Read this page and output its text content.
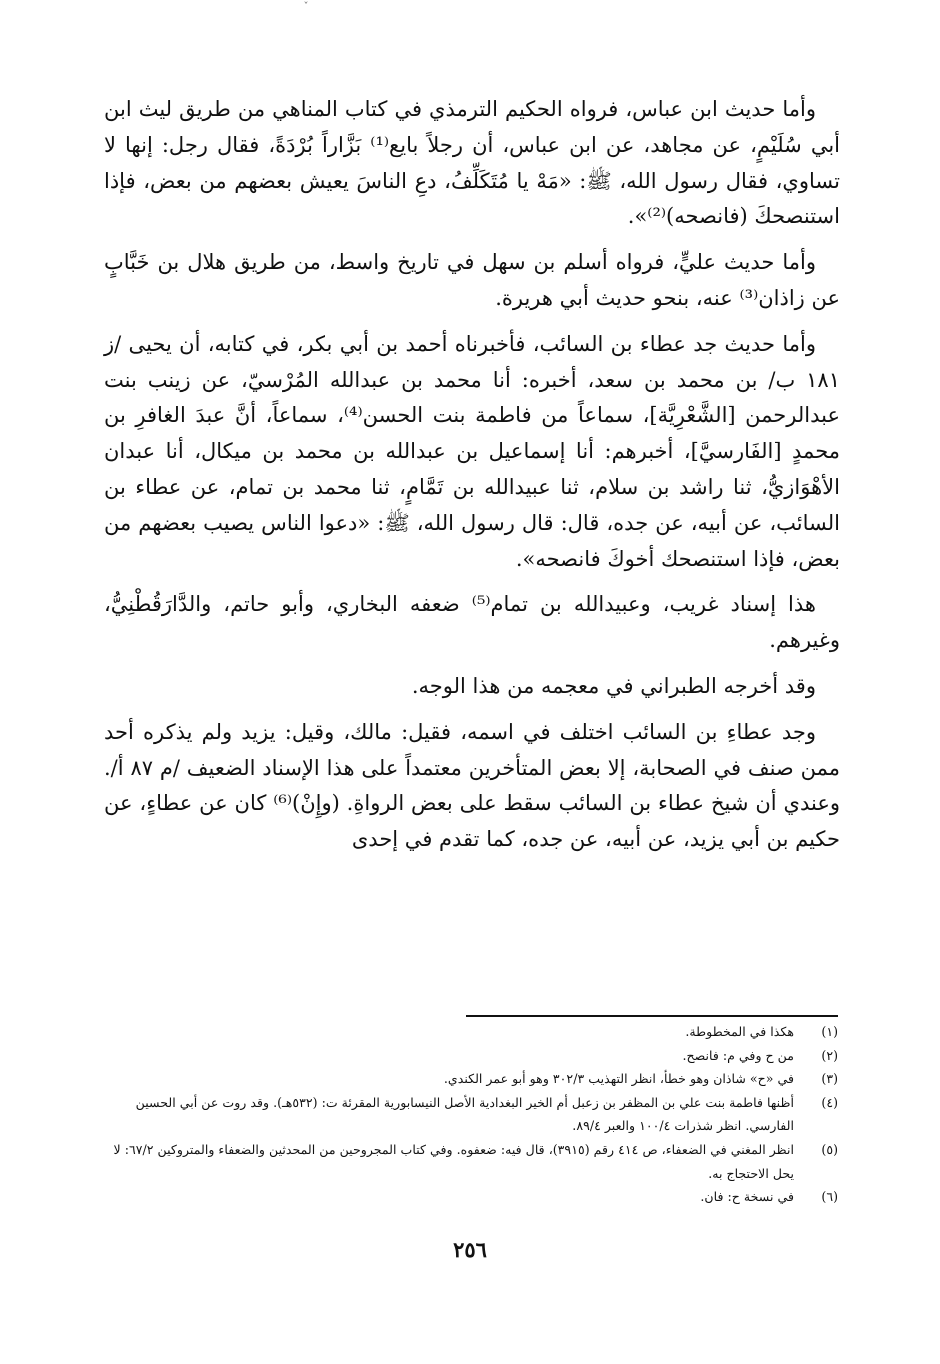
ˇ

وأما حديث ابن عباس، فرواه الحكيم الترمذي في كتاب المناهي من طريق ليث ابن أبي سُلَيْمٍ، عن مجاهد، عن ابن عباس، أن رجلاً بايع⁽¹⁾ بَزَّاراً بُرْدَةً، فقال رجل: إنها لا تساوي، فقال رسول الله، ﷺ: «مَهْ يا مُتَكَلِّفُ، دعِ الناسَ يعيش بعضهم من بعض، فإذا استنصحكَ (فانصحه)⁽²⁾».

وأما حديث عليٍّ، فرواه أسلم بن سهل في تاريخ واسط، من طريق هلال بن خَبَّابٍ عن زاذان⁽³⁾ عنه، بنحو حديث أبي هريرة.

وأما حديث جد عطاء بن السائب، فأخبرناه أحمد بن أبي بكر، في كتابه، أن يحيى /ز ١٨١ ب/ بن محمد بن سعد، أخبره: أنا محمد بن عبدالله المُرْسيّ، عن زينب بنت عبدالرحمن [الشَّعْرِيَّة]، سماعاً من فاطمة بنت الحسن⁽⁴⁾، سماعاً، أنَّ عبدَ الغافرِ بن محمدٍ [الفَارسيَّ]، أخبرهم: أنا إسماعيل بن عبدالله بن محمد بن ميكال، أنا عبدان الأهْوَازيُّ، ثنا راشد بن سلام، ثنا عبيدالله بن تَمَّامٍ، ثنا محمد بن تمام، عن عطاء بن السائب، عن أبيه، عن جده، قال: قال رسول الله، ﷺ: «دعوا الناس يصيب بعضهم من بعض، فإذا استنصحك أخوكَ فانصحه».

هذا إسناد غريب، وعبيدالله بن تمام⁽⁵⁾ ضعفه البخاري، وأبو حاتم، والدَّارَقُطْنِيُّ، وغيرهم.

وقد أخرجه الطبراني في معجمه من هذا الوجه.

وجد عطاءِ بن السائب اختلف في اسمه، فقيل: مالك، وقيل: يزيد ولم يذكره أحد ممن صنف في الصحابة، إلا بعض المتأخرين معتمداً على هذا الإسناد الضعيف /م ٨٧ أ/. وعندي أن شيخ عطاء بن السائب سقط على بعض الرواةِ. (وإِنْ)⁽⁶⁾ كان عن عطاءٍ، عن حكيم بن أبي يزيد، عن أبيه، عن جده، كما تقدم في إحدى

(١)
هكذا في المخطوطة.
(٢)
من ح وفي م: فانصح.
(٣)
في «ح» شاذان وهو خطأ، انظر التهذيب ٣٠٢/٣ وهو أبو عمر الكندي.
(٤)
أظنها فاطمة بنت علي بن المظفر بن زعبل أم الخير البغدادية الأصل النيسابورية المقرئة ت: (٥٣٢هـ). وقد روت عن أبي الحسين الفارسي. انظر شذرات ١٠٠/٤ والعبر ٨٩/٤.
(٥)
انظر المغني في الضعفاء، ص ٤١٤ رقم (٣٩١٥)، قال فيه: ضعفوه. وفي كتاب المجروحين من المحدثين والضعفاء والمتروكين ٦٧/٢: لا يحل الاحتجاج به.
(٦)
في نسخة ح: فان.
٢٥٦
